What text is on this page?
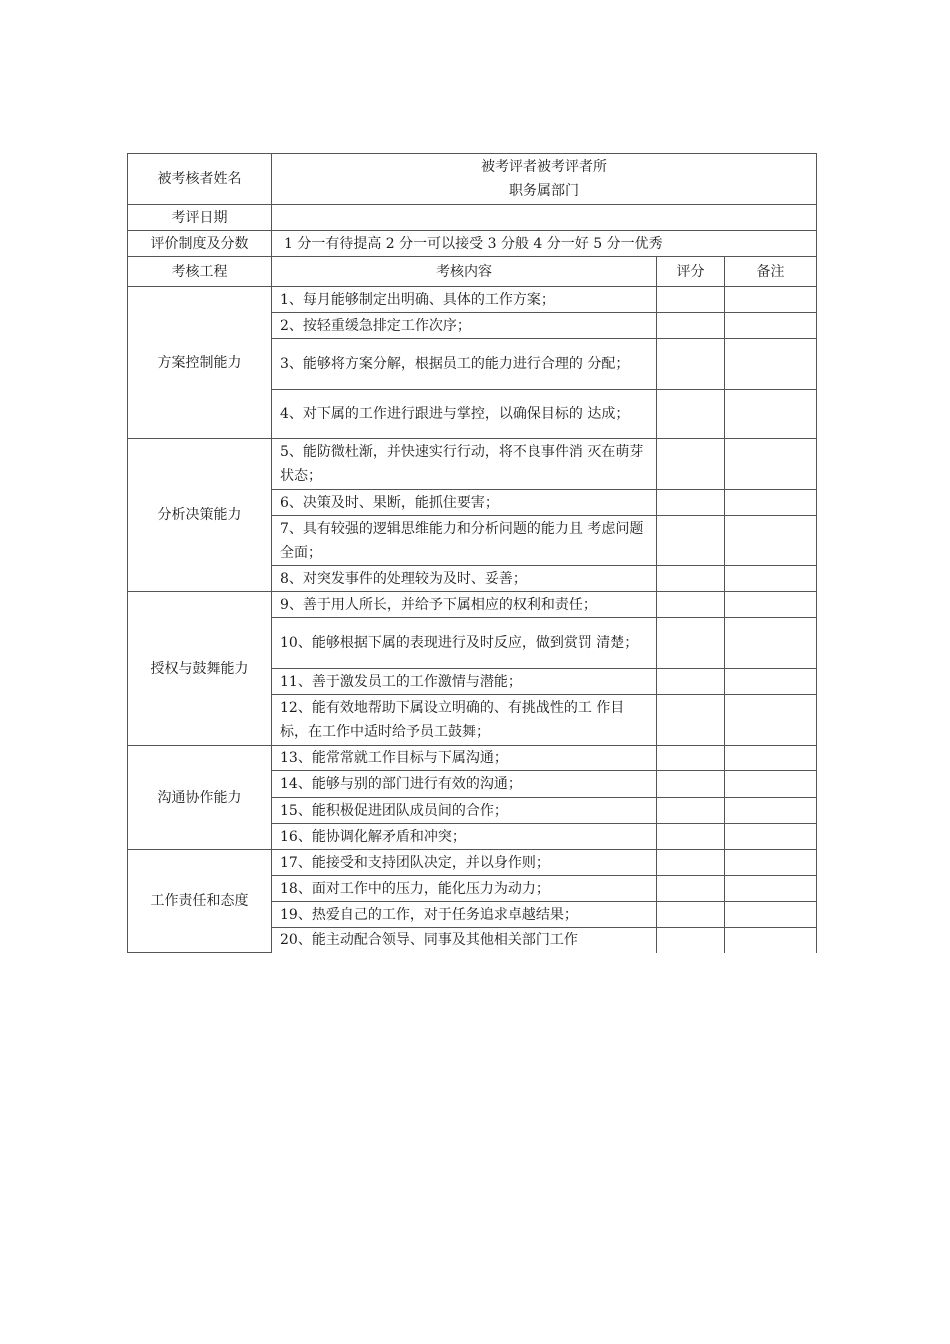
被考核者姓名	被考评者被考评者所
职务属部门		

考评日期			
评价制度及分数	1 分一有待提高 2 分一可以接受 3 分般 4 分一好 5 分一优秀		

考核工程	考核内容	评分	备注
方案控制能力	1、每月能够制定出明确、具体的工作方案；		

	2、按轻重缓急排定工作次序；		

	3、能够将方案分解，根据员工的能力进行合理的 分配；		

	4、对下属的工作进行跟进与掌控，以确保目标的 达成；		

分析决策能力	5、能防微杜渐，并快速实行行动，将不良事件消 灭在萌芽状态；		

	6、决策及时、果断，能抓住要害；		

	7、具有较强的逻辑思维能力和分析问题的能力且 考虑问题全面；		

	8、对突发事件的处理较为及时、妥善；		

授权与鼓舞能力	9、善于用人所长，并给予下属相应的权利和责任；		

	10、能够根据下属的表现进行及时反应，做到赏罚 清楚；		

	11、善于激发员工的工作激情与潜能；		

	12、能有效地帮助下属设立明确的、有挑战性的工 作目标，在工作中适时给予员工鼓舞；		

沟通协作能力	13、能常常就工作目标与下属沟通；		

	14、能够与别的部门进行有效的沟通；		

	15、能积极促进团队成员间的合作；		

	16、能协调化解矛盾和冲突；		

工作责任和态度	17、能接受和支持团队决定，并以身作则；		

	18、面对工作中的压力，能化压力为动力；		

	19、热爱自己的工作，对于任务追求卓越结果；		

	20、能主动配合领导、同事及其他相关部门工作		
